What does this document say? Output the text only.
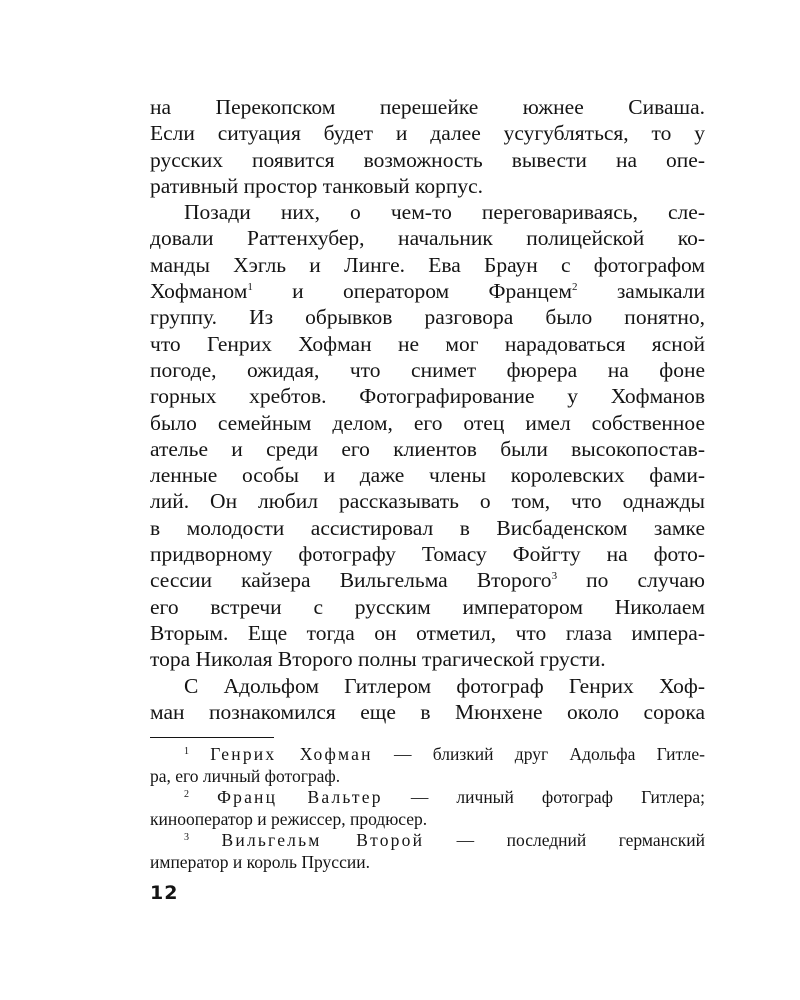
на Перекопском перешейке южнее Сиваша.
Если ситуация будет и далее усугубляться, то у
русских появится возможность вывести на опе-
ративный простор танковый корпус.
Позади них, о чем-то переговариваясь, сле-
довали Раттенхубер, начальник полицейской ко-
манды Хэгль и Линге. Ева Браун с фотографом
Хофманом$^1$ и оператором Францем$^2$ замыкали
группу. Из обрывков разговора было понятно,
что Генрих Хофман не мог нарадоваться ясной
погоде, ожидая, что снимет фюрера на фоне
горных хребтов. Фотографирование у Хофманов
было семейным делом, его отец имел собственное
ателье и среди его клиентов были высокопостав-
ленные особы и даже члены королевских фами-
лий. Он любил рассказывать о том, что однажды
в молодости ассистировал в Висбаденском замке
придворному фотографу Томасу Фойгту на фото-
сессии кайзера Вильгельма Второго$^3$ по случаю
его встречи с русским императором Николаем
Вторым. Еще тогда он отметил, что глаза импера-
тора Николая Второго полны трагической грусти.
С Адольфом Гитлером фотограф Генрих Хоф-
ман познакомился еще в Мюнхене около сорока
$^1$ Генрих Хофман — близкий друг Адольфа Гитле-
ра, его личный фотограф.
$^2$ Франц Вальтер — личный фотограф Гитлера;
кинооператор и режиссер, продюсер.
$^3$ Вильгельм Второй — последний германский
император и король Пруссии.
12
